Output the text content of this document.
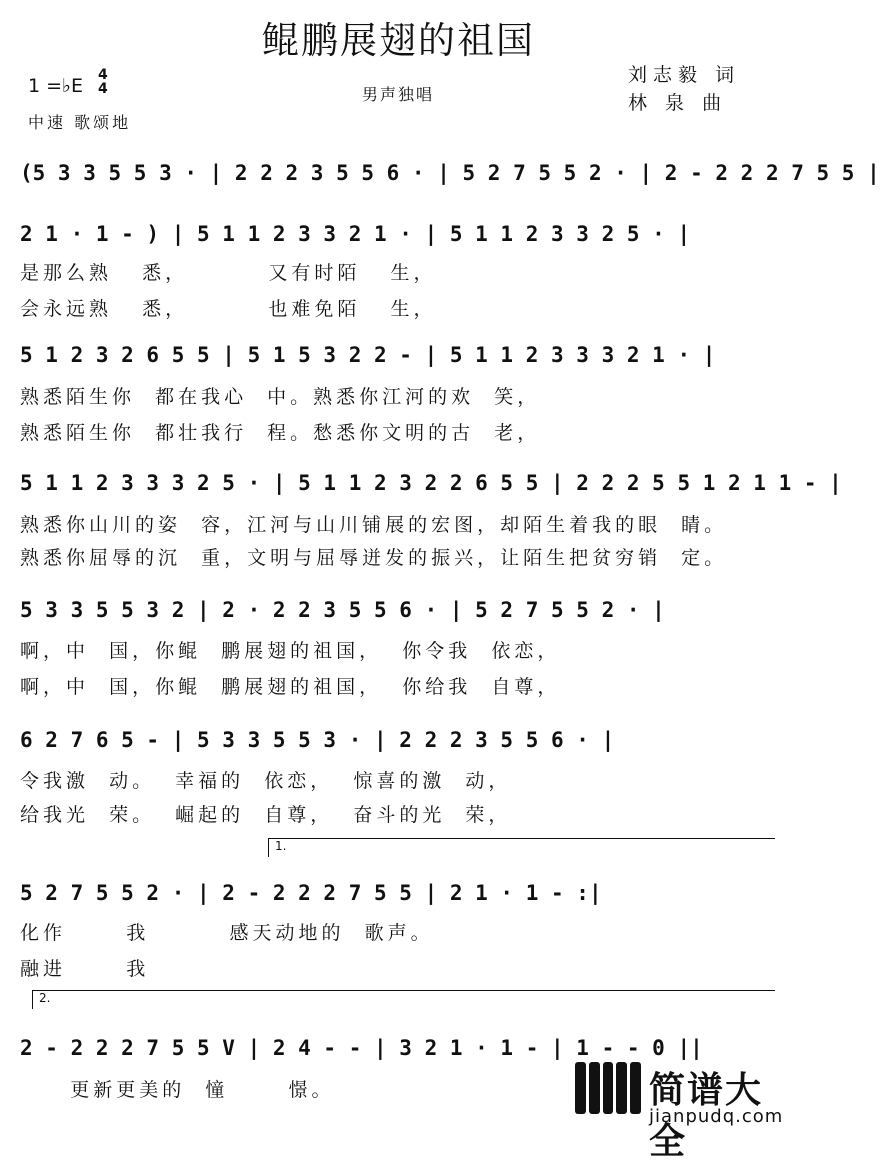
鲲鹏展翅的祖国
1 =♭E 4
4
中速 歌颂地
男声独唱
刘志毅 词
林 泉 曲
(5 3 3 5 5 3 · | 2 2 2 3 5 5 6 · | 5 2 7 5 5 2 · | 2 - 2 2 2 7 5 5 |
2 1 · 1 - ) | 5 1 1 2 3 3 2 1 · | 5 1 1 2 3 3 2 5 · |
是那么熟   悉，        又有时陌   生，
会永远熟   悉，        也难免陌   生，
5 1 2 3 2 6 5 5 | 5 1 5 3 2 2 - | 5 1 1 2 3 3 3 2 1 · |
熟悉陌生你  都在我心  中。熟悉你江河的欢  笑，
熟悉陌生你  都壮我行  程。愁悉你文明的古  老，
5 1 1 2 3 3 3 2 5 · | 5 1 1 2 3 2 2 6 5 5 | 2 2 2 5 5 1 2 1 1 - |
熟悉你山川的姿  容，江河与山川铺展的宏图，却陌生着我的眼  睛。
熟悉你屈辱的沉  重，文明与屈辱迸发的振兴，让陌生把贫穷销  定。
5 3 3 5 5 3 2 | 2 · 2 2 3 5 5 6 · | 5 2 7 5 5 2 · |
啊，中  国，你鲲  鹏展翅的祖国，  你令我  依恋，
啊，中  国，你鲲  鹏展翅的祖国，  你给我  自尊，
6 2 7 6 5 - | 5 3 3 5 5 3 · | 2 2 2 3 5 5 6 · |
令我激  动。  幸福的  依恋，  惊喜的激  动，
给我光  荣。  崛起的  自尊，  奋斗的光  荣，
1.
5 2 7 5 5 2 · | 2 - 2 2 2 7 5 5 | 2 1 · 1 - :|
化作      我        感天动地的  歌声。
融进      我
2.
2 - 2 2 2 7 5 5 V | 2 4 - - | 3 2 1 · 1 - | 1 - - 0 ||
更新更美的  憧      憬。	简谱大全
jianpudq.com
